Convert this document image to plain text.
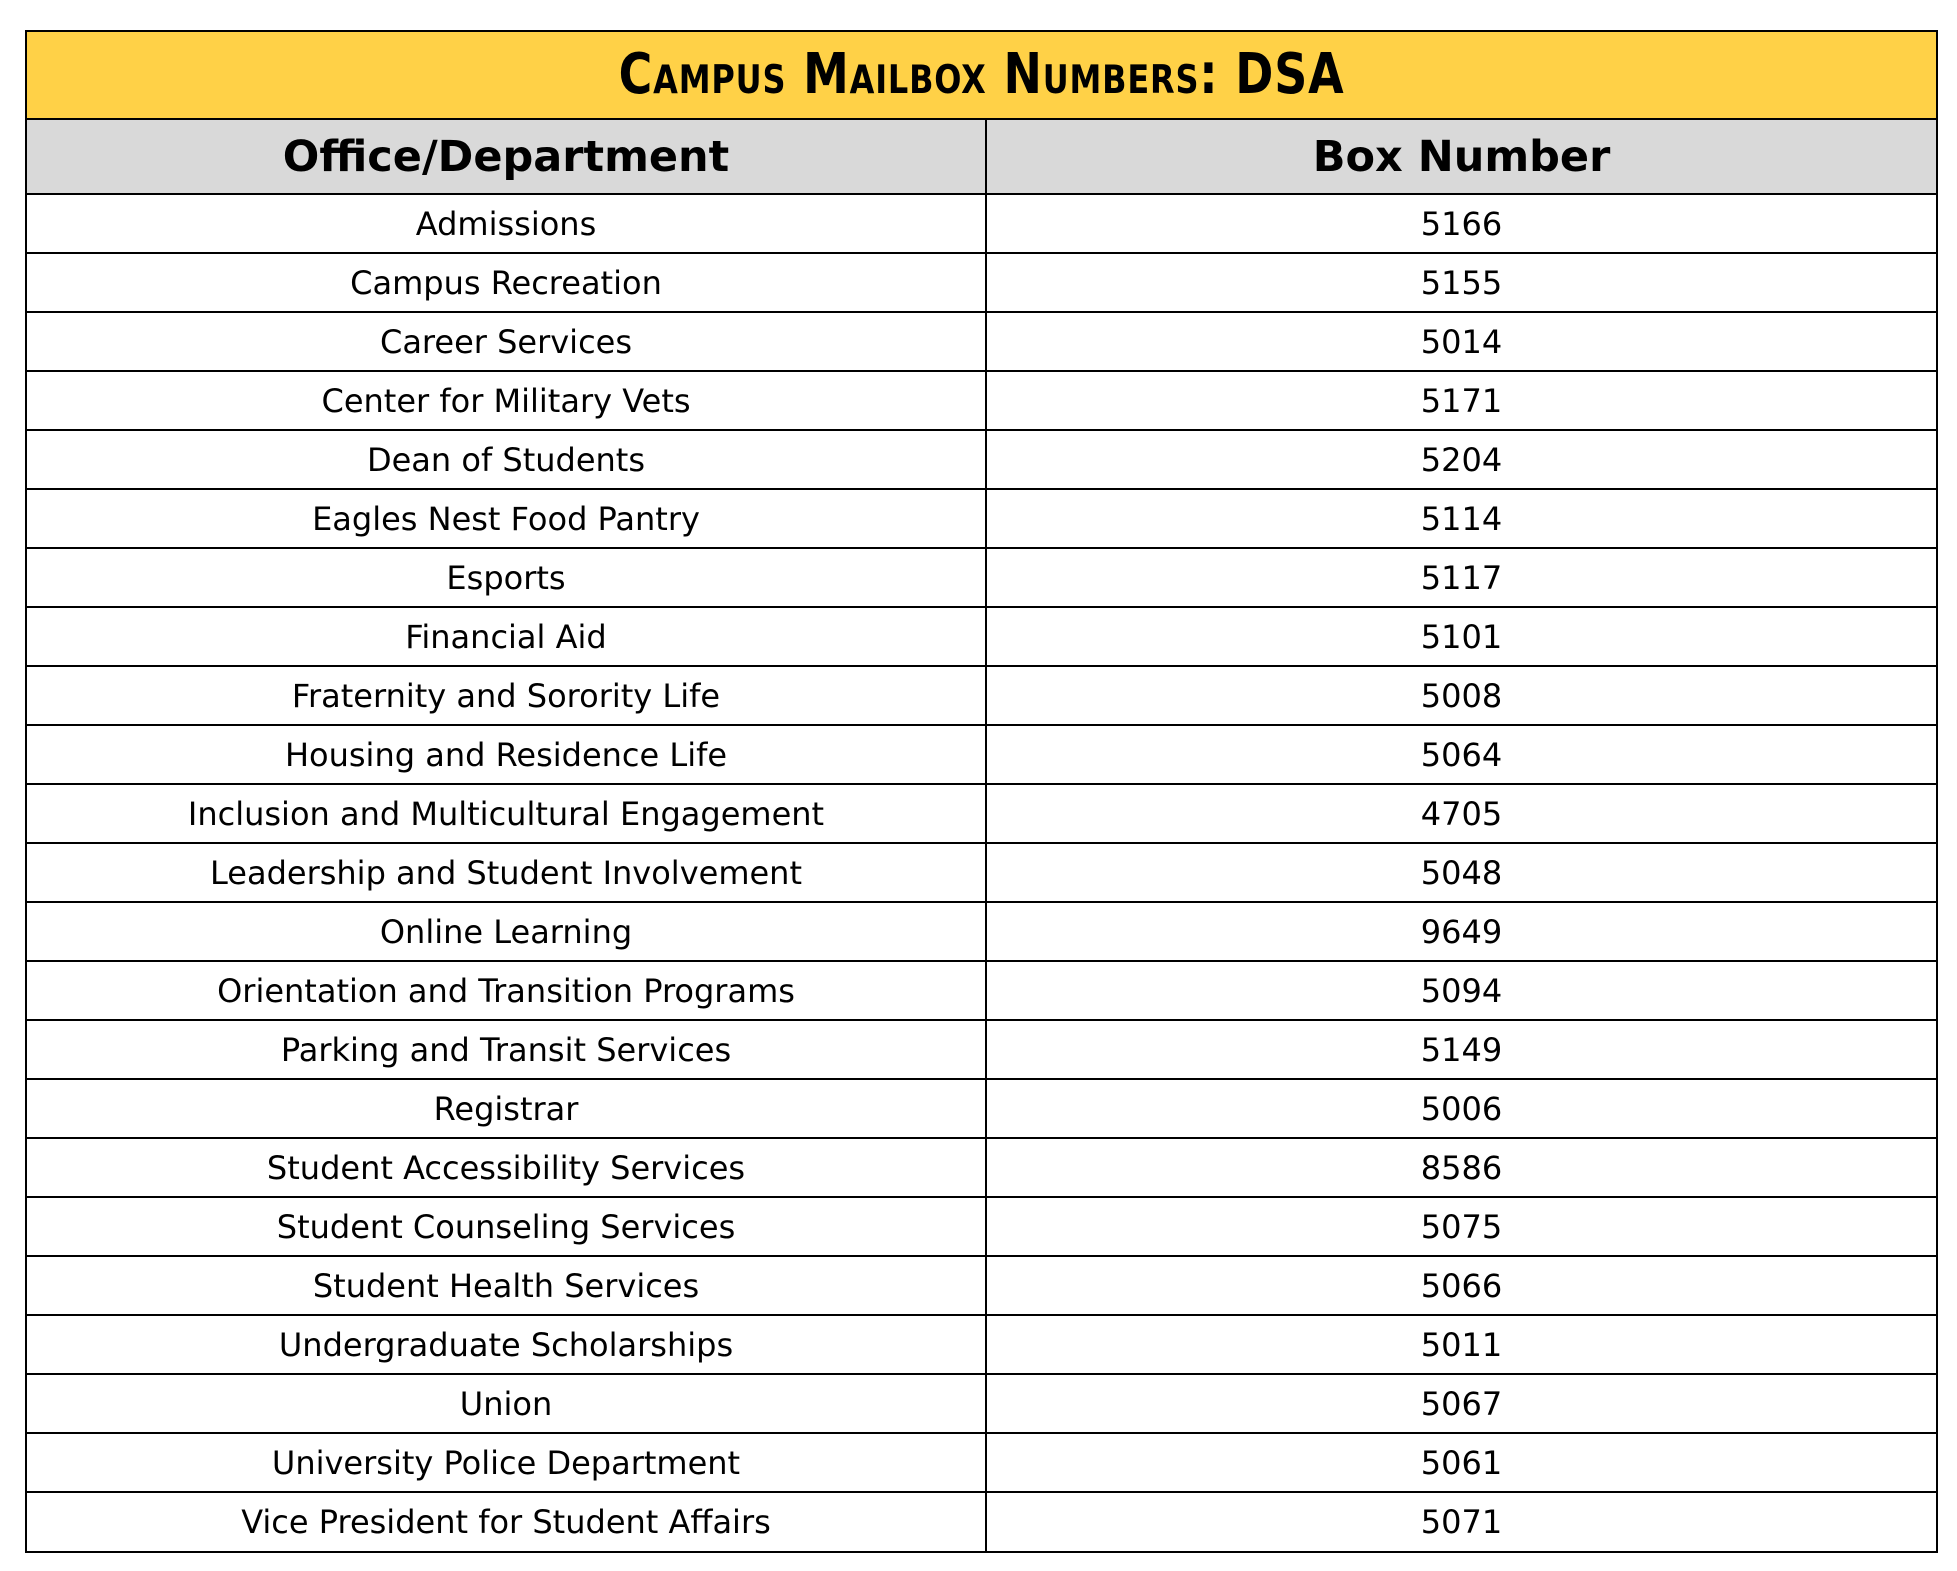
Campus Mailbox Numbers: DSA
Office/Department	Box Number
Admissions	5166
Campus Recreation	5155
Career Services	5014
Center for Military Vets	5171
Dean of Students	5204
Eagles Nest Food Pantry	5114
Esports	5117
Financial Aid	5101
Fraternity and Sorority Life	5008
Housing and Residence Life	5064
Inclusion and Multicultural Engagement	4705
Leadership and Student Involvement	5048
Online Learning	9649
Orientation and Transition Programs	5094
Parking and Transit Services	5149
Registrar	5006
Student Accessibility Services	8586
Student Counseling Services	5075
Student Health Services	5066
Undergraduate Scholarships	5011
Union	5067
University Police Department	5061
Vice President for Student Affairs	5071
